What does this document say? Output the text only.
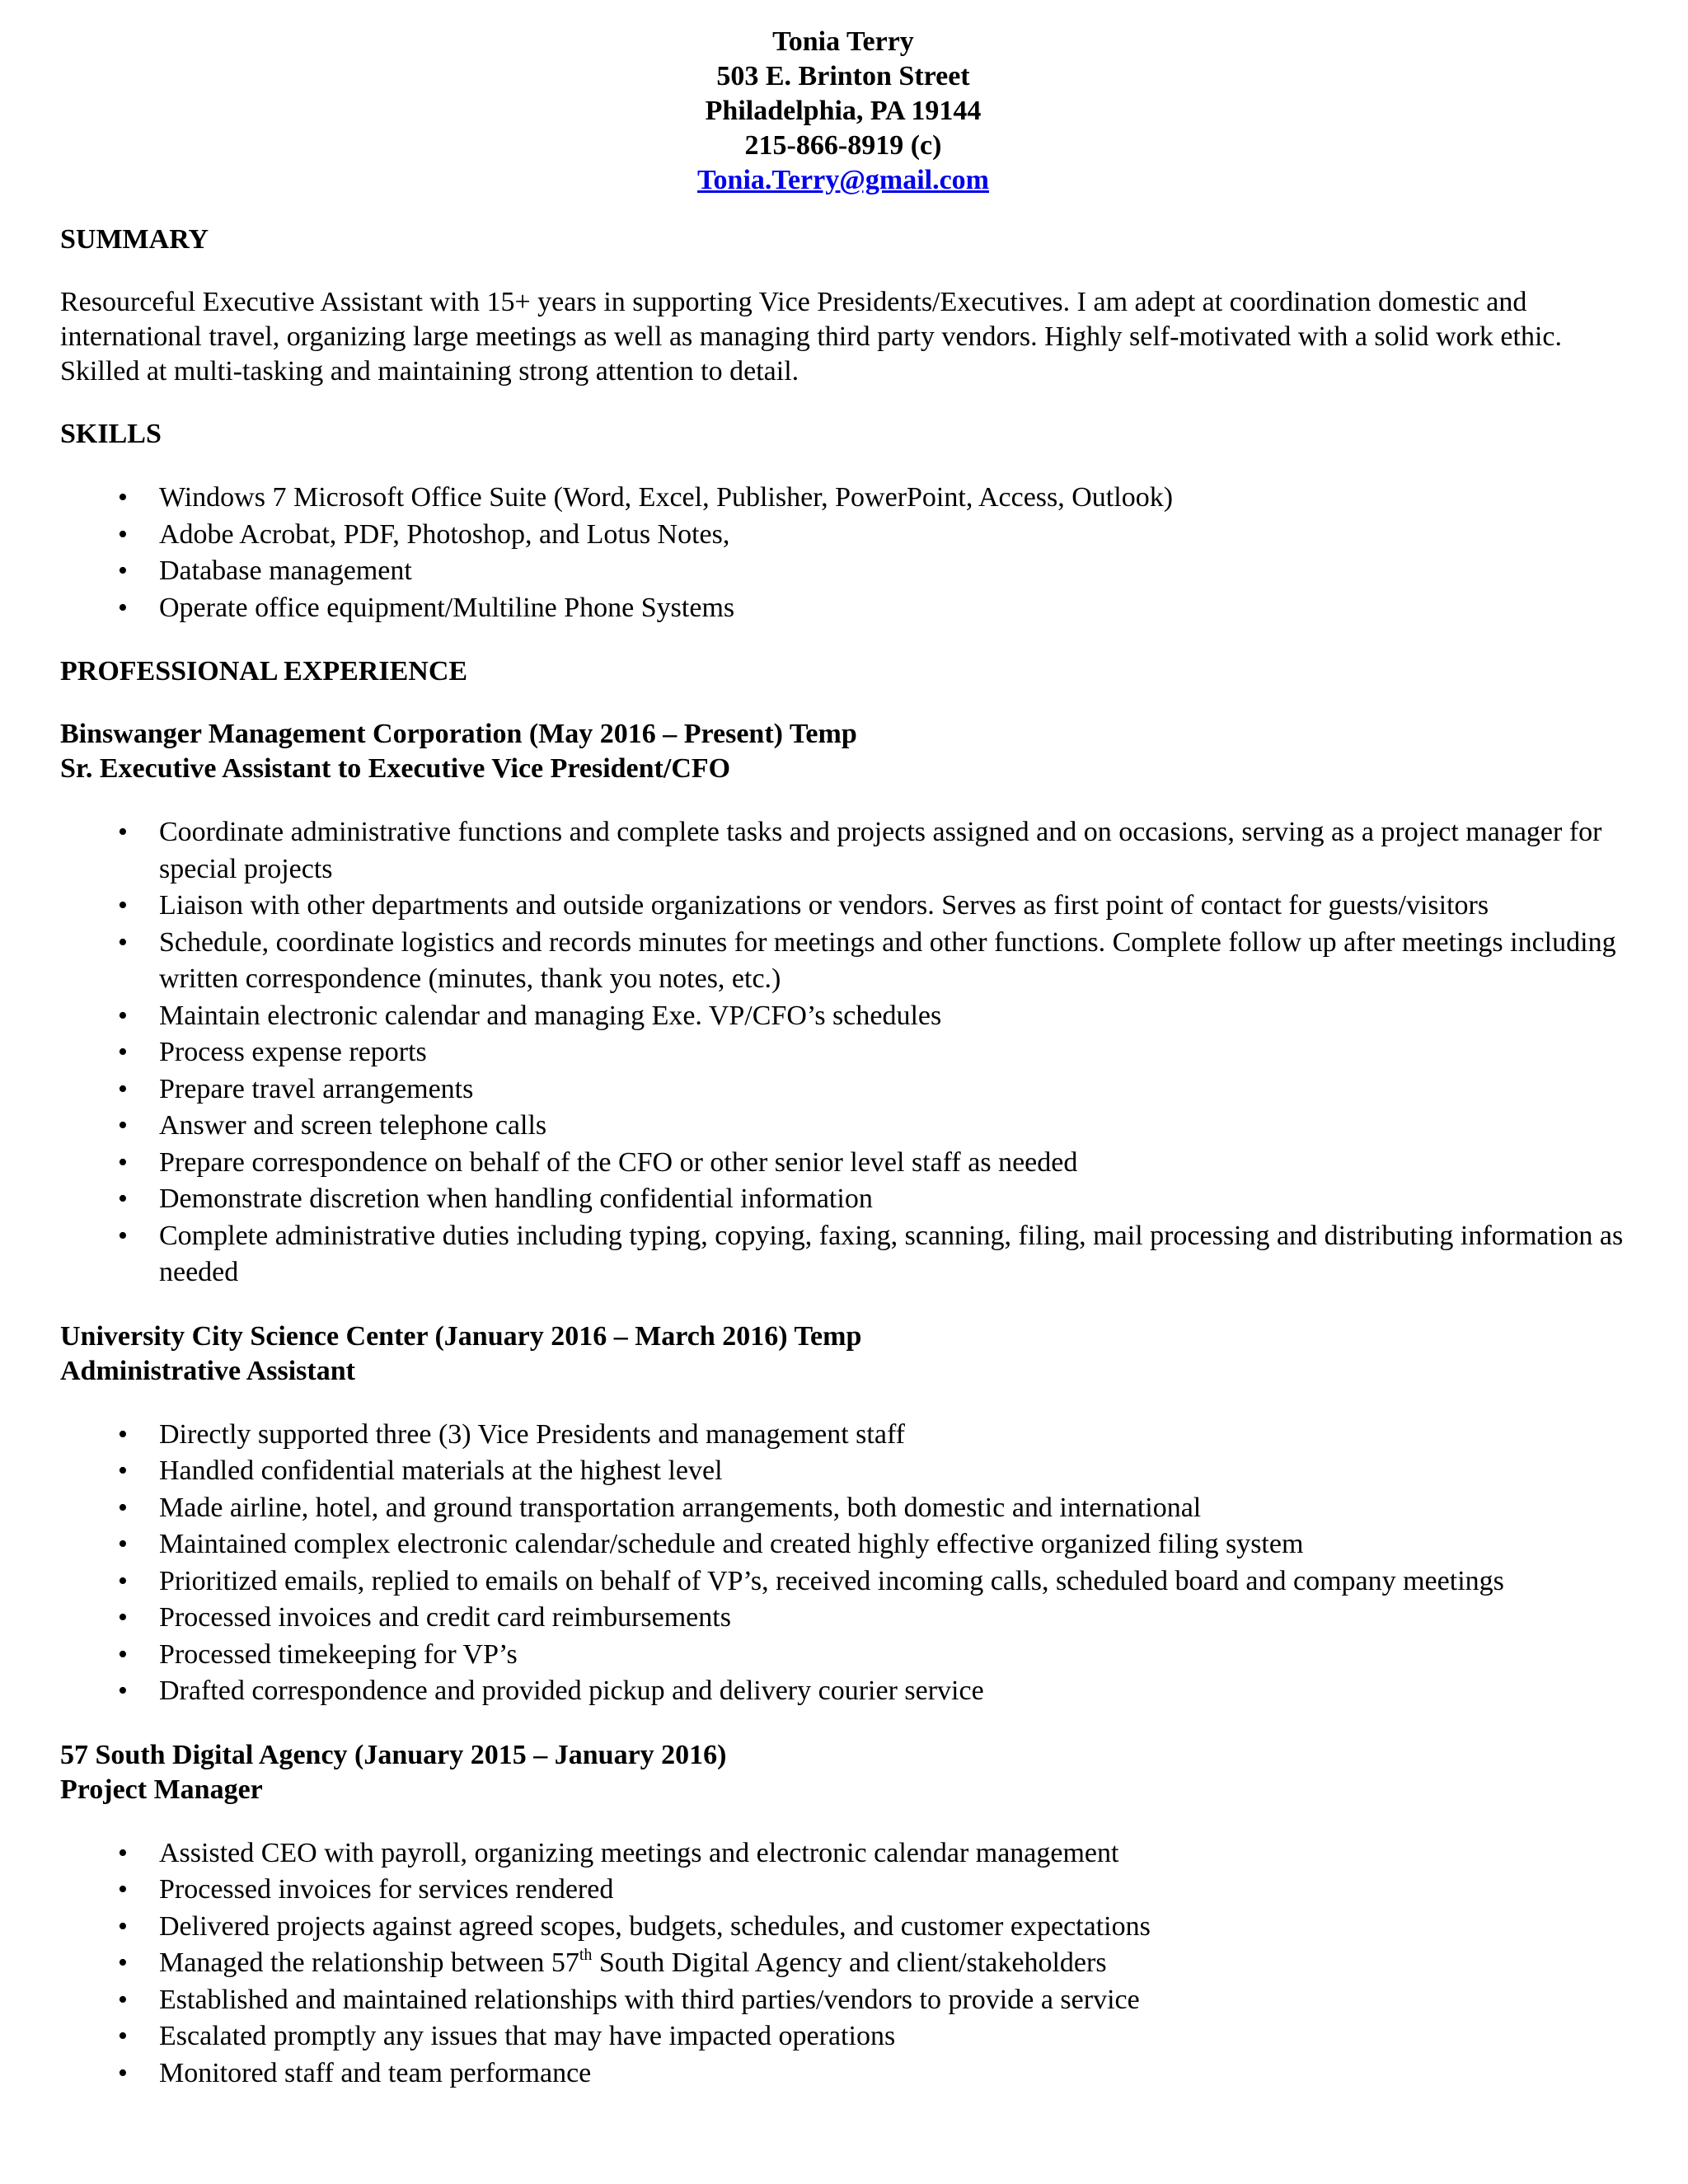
Tonia Terry
503 E. Brinton Street
Philadelphia, PA 19144
215-866-8919 (c)
Tonia.Terry@gmail.com
SUMMARY

Resourceful Executive Assistant with 15+ years in supporting Vice Presidents/Executives. I am adept at coordination domestic and international travel, organizing large meetings as well as managing third party vendors. Highly self-motivated with a solid work ethic. Skilled at multi-tasking and maintaining strong attention to detail.

SKILLS
• Windows 7 Microsoft Office Suite (Word, Excel, Publisher, PowerPoint, Access, Outlook)
• Adobe Acrobat, PDF, Photoshop, and Lotus Notes,
• Database management
• Operate office equipment/Multiline Phone Systems
PROFESSIONAL EXPERIENCE
Binswanger Management Corporation (May 2016 – Present) Temp
Sr. Executive Assistant to Executive Vice President/CFO
• Coordinate administrative functions and complete tasks and projects assigned and on occasions, serving as a project manager for special projects
• Liaison with other departments and outside organizations or vendors. Serves as first point of contact for guests/visitors
• Schedule, coordinate logistics and records minutes for meetings and other functions. Complete follow up after meetings including written correspondence (minutes, thank you notes, etc.)
• Maintain electronic calendar and managing Exe. VP/CFO’s schedules
• Process expense reports
• Prepare travel arrangements
• Answer and screen telephone calls
• Prepare correspondence on behalf of the CFO or other senior level staff as needed
• Demonstrate discretion when handling confidential information
• Complete administrative duties including typing, copying, faxing, scanning, filing, mail processing and distributing information as needed
University City Science Center (January 2016 – March 2016) Temp
Administrative Assistant
• Directly supported three (3) Vice Presidents and management staff
• Handled confidential materials at the highest level
• Made airline, hotel, and ground transportation arrangements, both domestic and international
• Maintained complex electronic calendar/schedule and created highly effective organized filing system
• Prioritized emails, replied to emails on behalf of VP’s, received incoming calls, scheduled board and company meetings
• Processed invoices and credit card reimbursements
• Processed timekeeping for VP’s
• Drafted correspondence and provided pickup and delivery courier service
57 South Digital Agency (January 2015 – January 2016)
Project Manager
• Assisted CEO with payroll, organizing meetings and electronic calendar management
• Processed invoices for services rendered
• Delivered projects against agreed scopes, budgets, schedules, and customer expectations
• Managed the relationship between 57th South Digital Agency and client/stakeholders
• Established and maintained relationships with third parties/vendors to provide a service
• Escalated promptly any issues that may have impacted operations
• Monitored staff and team performance
